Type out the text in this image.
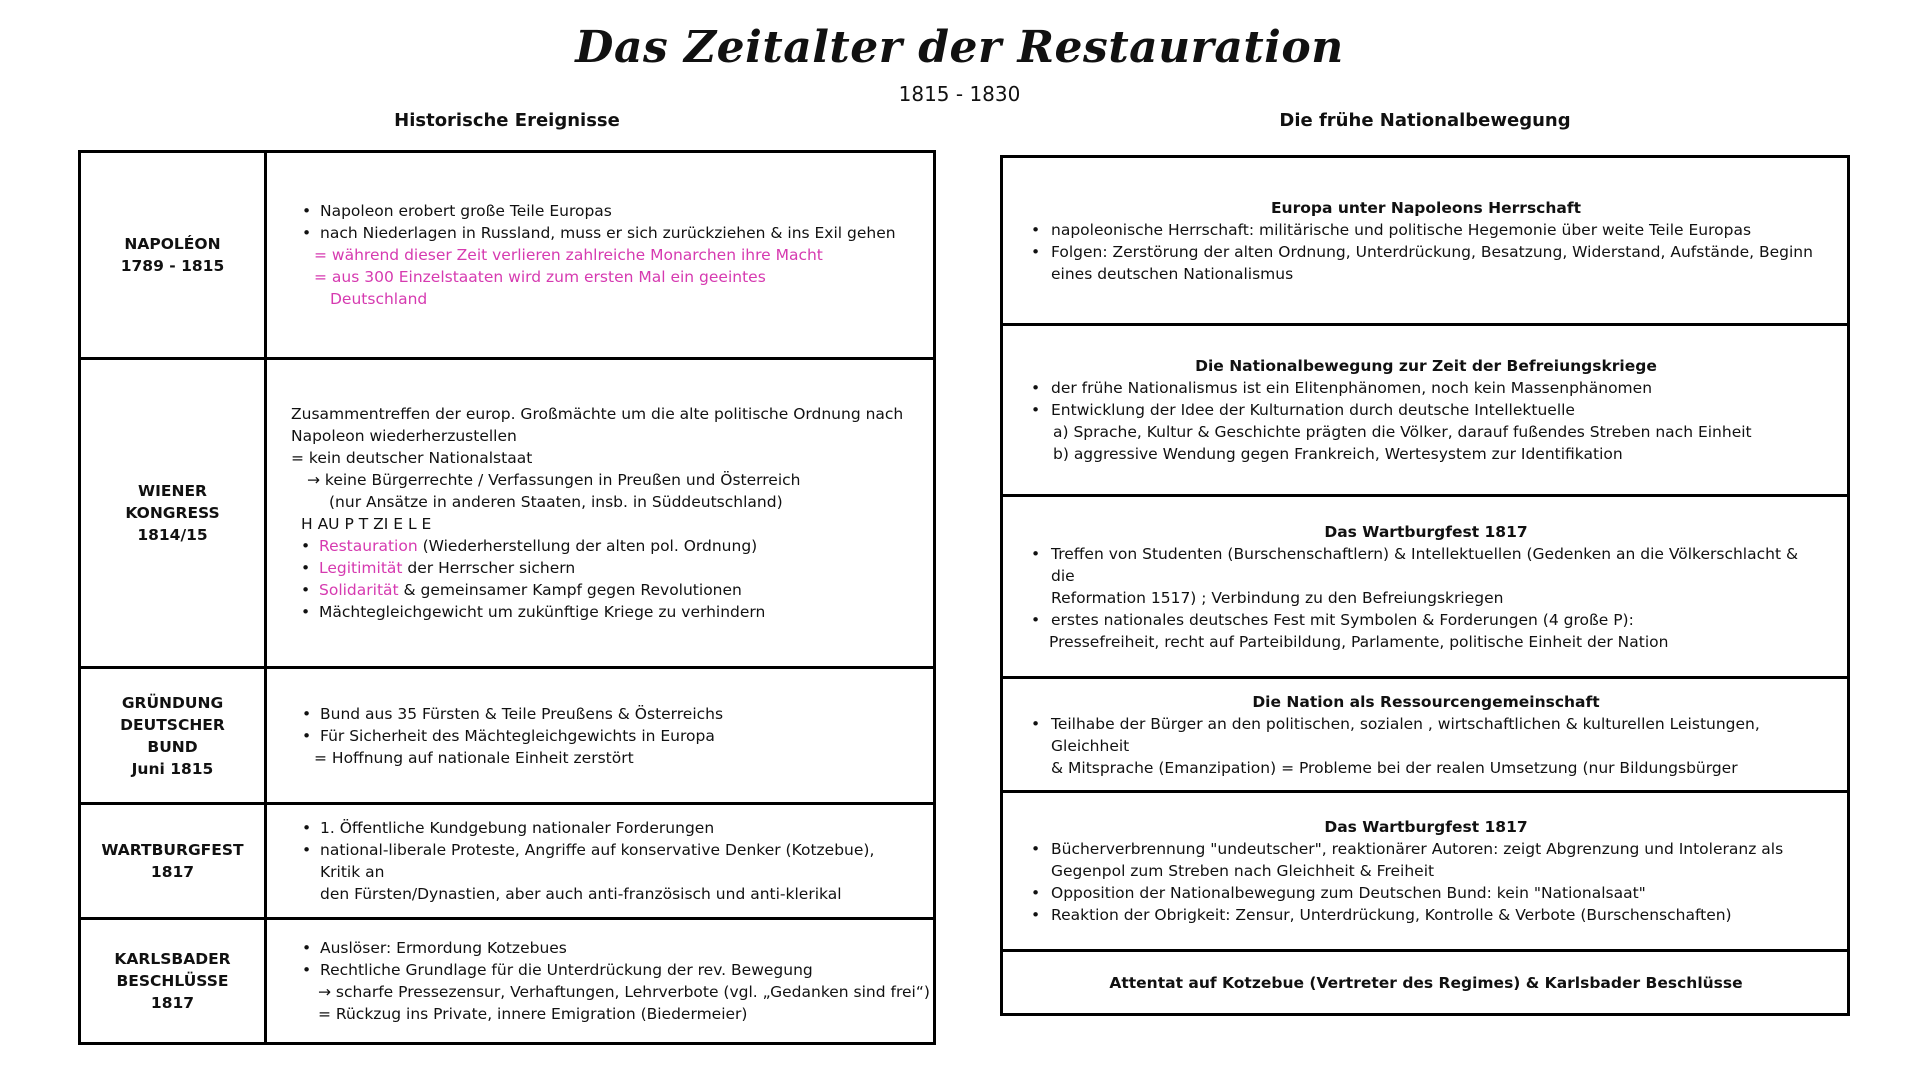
Das Zeitalter der Restauration
1815 - 1830
Historische Ereignisse	Die frühe Nationalbewegung
NAPOLÉON
1789 - 1815
• Napoleon erobert große Teile Europas
• nach Niederlagen in Russland, muss er sich zurückziehen & ins Exil gehen
= während dieser Zeit verlieren zahlreiche Monarchen ihre Macht
= aus 300 Einzelstaaten wird zum ersten Mal ein geeintes
Deutschland
WIENER
KONGRESS
1814/15
Zusammentreffen der europ. Großmächte um die alte politische Ordnung nach
Napoleon wiederherzustellen
= kein deutscher Nationalstaat
→ keine Bürgerrechte / Verfassungen in Preußen und Österreich
(nur Ansätze in anderen Staaten, insb. in Süddeutschland)
H AU P T ZI E L E
• Restauration (Wiederherstellung der alten pol. Ordnung)
• Legitimität der Herrscher sichern
• Solidarität & gemeinsamer Kampf gegen Revolutionen
• Mächtegleichgewicht um zukünftige Kriege zu verhindern
GRÜNDUNG
DEUTSCHER
BUND
Juni 1815
• Bund aus 35 Fürsten & Teile Preußens & Österreichs
• Für Sicherheit des Mächtegleichgewichts in Europa
= Hoffnung auf nationale Einheit zerstört
WARTBURGFEST
1817
• 1. Öffentliche Kundgebung nationaler Forderungen
• national-liberale Proteste, Angriffe auf konservative Denker (Kotzebue), Kritik an
den Fürsten/Dynastien, aber auch anti-französisch und anti-klerikal
KARLSBADER
BESCHLÜSSE
1817
• Auslöser: Ermordung Kotzebues
• Rechtliche Grundlage für die Unterdrückung der rev. Bewegung
→ scharfe Pressezensur, Verhaftungen, Lehrverbote (vgl. „Gedanken sind frei“)
= Rückzug ins Private, innere Emigration (Biedermeier)
Europa unter Napoleons Herrschaft
• napoleonische Herrschaft: militärische und politische Hegemonie über weite Teile Europas
• Folgen: Zerstörung der alten Ordnung, Unterdrückung, Besatzung, Widerstand, Aufstände, Beginn
eines deutschen Nationalismus
Die Nationalbewegung zur Zeit der Befreiungskriege
• der frühe Nationalismus ist ein Elitenphänomen, noch kein Massenphänomen
• Entwicklung der Idee der Kulturnation durch deutsche Intellektuelle
a) Sprache, Kultur & Geschichte prägten die Völker, darauf fußendes Streben nach Einheit
b) aggressive Wendung gegen Frankreich, Wertesystem zur Identifikation
Das Wartburgfest 1817
• Treffen von Studenten (Burschenschaftlern) & Intellektuellen (Gedenken an die Völkerschlacht & die
Reformation 1517) ; Verbindung zu den Befreiungskriegen
• erstes nationales deutsches Fest mit Symbolen & Forderungen (4 große P):
Pressefreiheit, recht auf Parteibildung, Parlamente, politische Einheit der Nation
Die Nation als Ressourcengemeinschaft
• Teilhabe der Bürger an den politischen, sozialen , wirtschaftlichen & kulturellen Leistungen, Gleichheit
& Mitsprache (Emanzipation) = Probleme bei der realen Umsetzung (nur Bildungsbürger
Das Wartburgfest 1817
• Bücherverbrennung "undeutscher", reaktionärer Autoren: zeigt Abgrenzung und Intoleranz als
Gegenpol zum Streben nach Gleichheit & Freiheit
• Opposition der Nationalbewegung zum Deutschen Bund: kein "Nationalsaat"
• Reaktion der Obrigkeit: Zensur, Unterdrückung, Kontrolle & Verbote (Burschenschaften)
Attentat auf Kotzebue (Vertreter des Regimes) & Karlsbader Beschlüsse
